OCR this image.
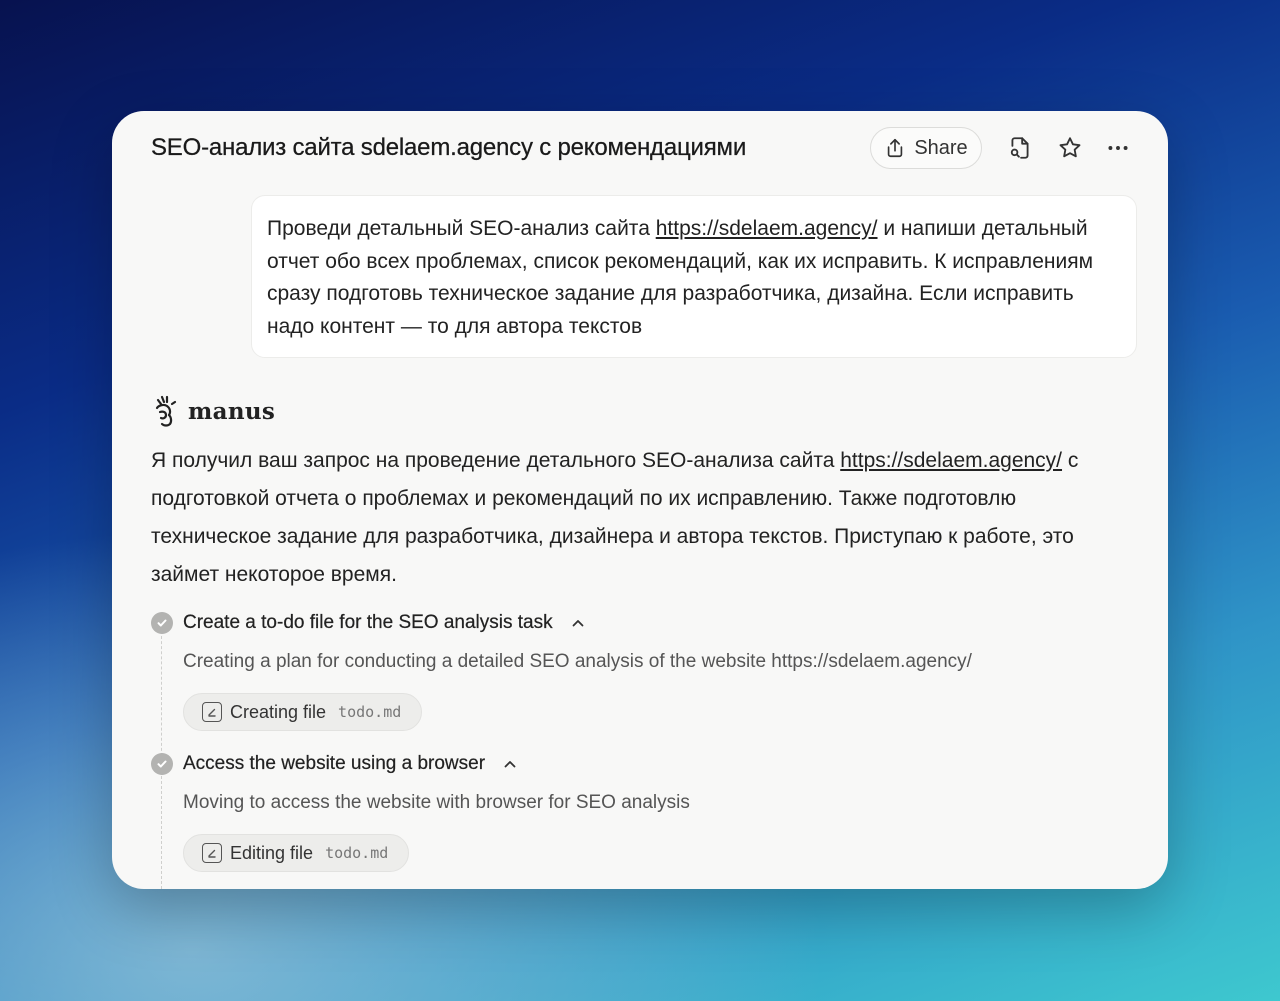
SEO-анализ сайта sdelaem.agency с рекомендациями	Share
Проведи детальный SEO-анализ сайта https://sdelaem.agency/ и напиши детальный отчет обо всех проблемах, список рекомендаций, как их исправить. К исправлениям сразу подготовь техническое задание для разработчика, дизайна. Если исправить надо контент — то для автора текстов
manus
Я получил ваш запрос на проведение детального SEO-анализа сайта https://sdelaem.agency/ с подготовкой отчета о проблемах и рекомендаций по их исправлению. Также подготовлю техническое задание для разработчика, дизайнера и автора текстов. Приступаю к работе, это займет некоторое время.
Create a to-do file for the SEO analysis task
Creating a plan for conducting a detailed SEO analysis of the website https://sdelaem.agency/
Creating file todo.md
Access the website using a browser
Moving to access the website with browser for SEO analysis
Editing file todo.md
